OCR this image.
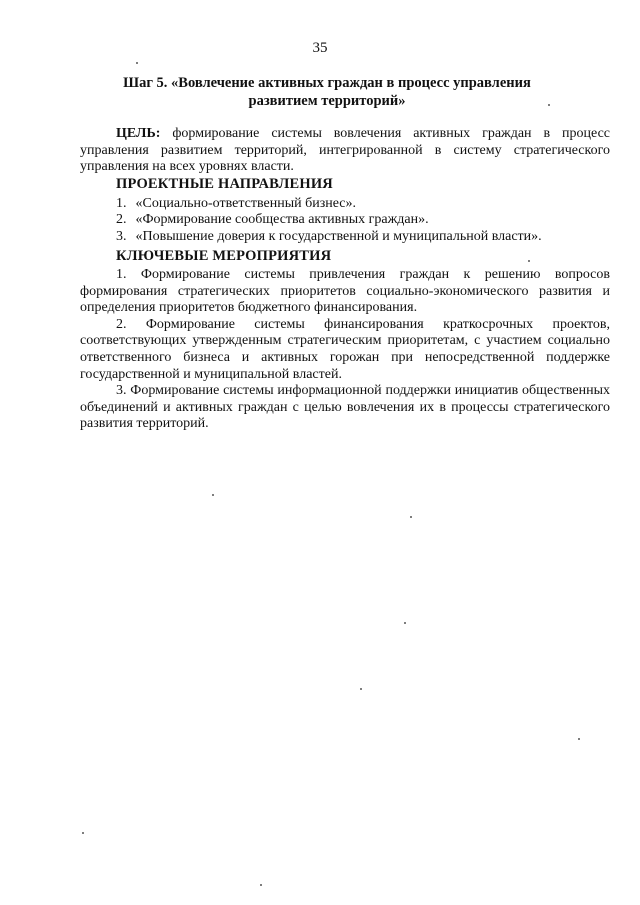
35
Шаг 5. «Вовлечение активных граждан в процесс управления развитием территорий»
ЦЕЛЬ: формирование системы вовлечения активных граждан в процесс управления развитием территорий, интегрированной в систему стратегического управления на всех уровнях власти.
ПРОЕКТНЫЕ НАПРАВЛЕНИЯ
1. «Социально-ответственный бизнес».
2. «Формирование сообщества активных граждан».
3. «Повышение доверия к государственной и муниципальной власти».
КЛЮЧЕВЫЕ МЕРОПРИЯТИЯ

1. Формирование системы привлечения граждан к решению вопросов формирования стратегических приоритетов социально-экономического развития и определения приоритетов бюджетного финансирования.

2. Формирование системы финансирования краткосрочных проектов, соответствующих утвержденным стратегическим приоритетам, с участием социально ответственного бизнеса и активных горожан при непосредственной поддержке государственной и муниципальной властей.

3. Формирование системы информационной поддержки инициатив общественных объединений и активных граждан с целью вовлечения их в процессы стратегического развития территорий.
